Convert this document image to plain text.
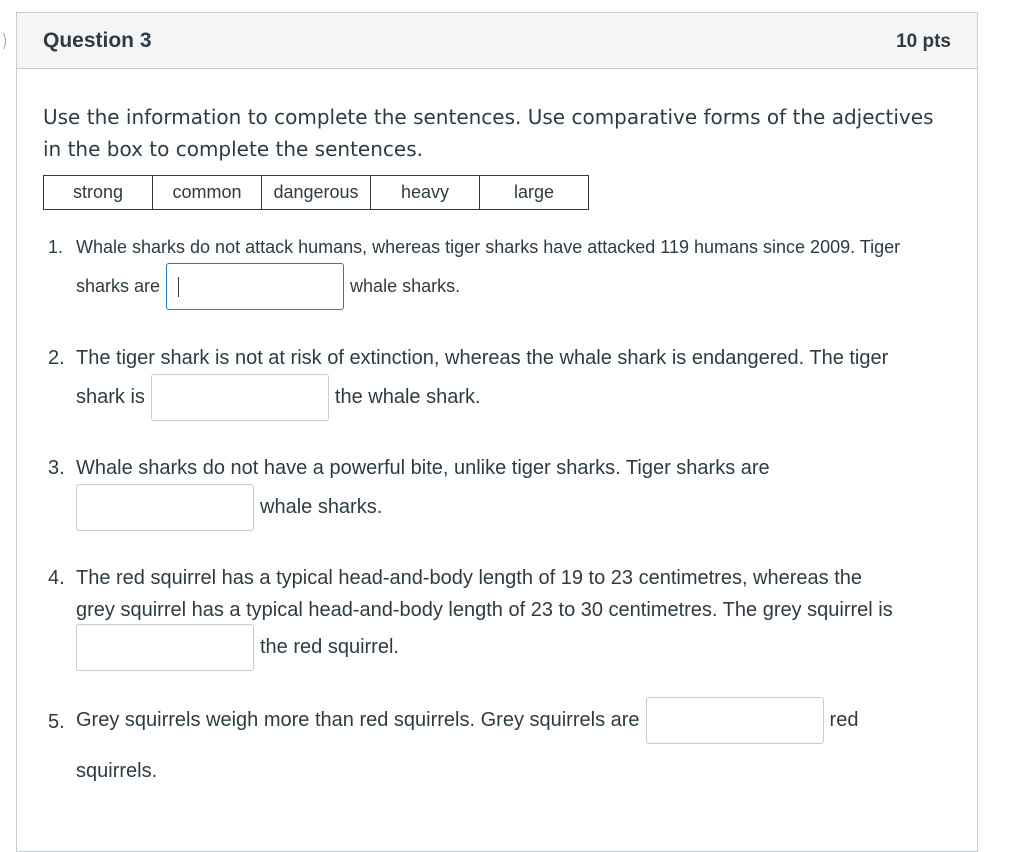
Question 3	10 pts

Use the information to complete the sentences. Use comparative forms of the adjectives in the box to complete the sentences.

strong	common	dangerous	heavy	large
1. Whale sharks do not attack humans, whereas tiger sharks have attacked 119 humans since 2009. Tiger
sharks are	whale sharks.
2. The tiger shark is not at risk of extinction, whereas the whale shark is endangered. The tiger
shark is	the whale shark.
3. Whale sharks do not have a powerful bite, unlike tiger sharks. Tiger sharks are
whale sharks.
4. The red squirrel has a typical head-and-body length of 19 to 23 centimetres, whereas the
grey squirrel has a typical head-and-body length of 23 to 30 centimetres. The grey squirrel is
the red squirrel.
5. Grey squirrels weigh more than red squirrels. Grey squirrels are	red
squirrels.
